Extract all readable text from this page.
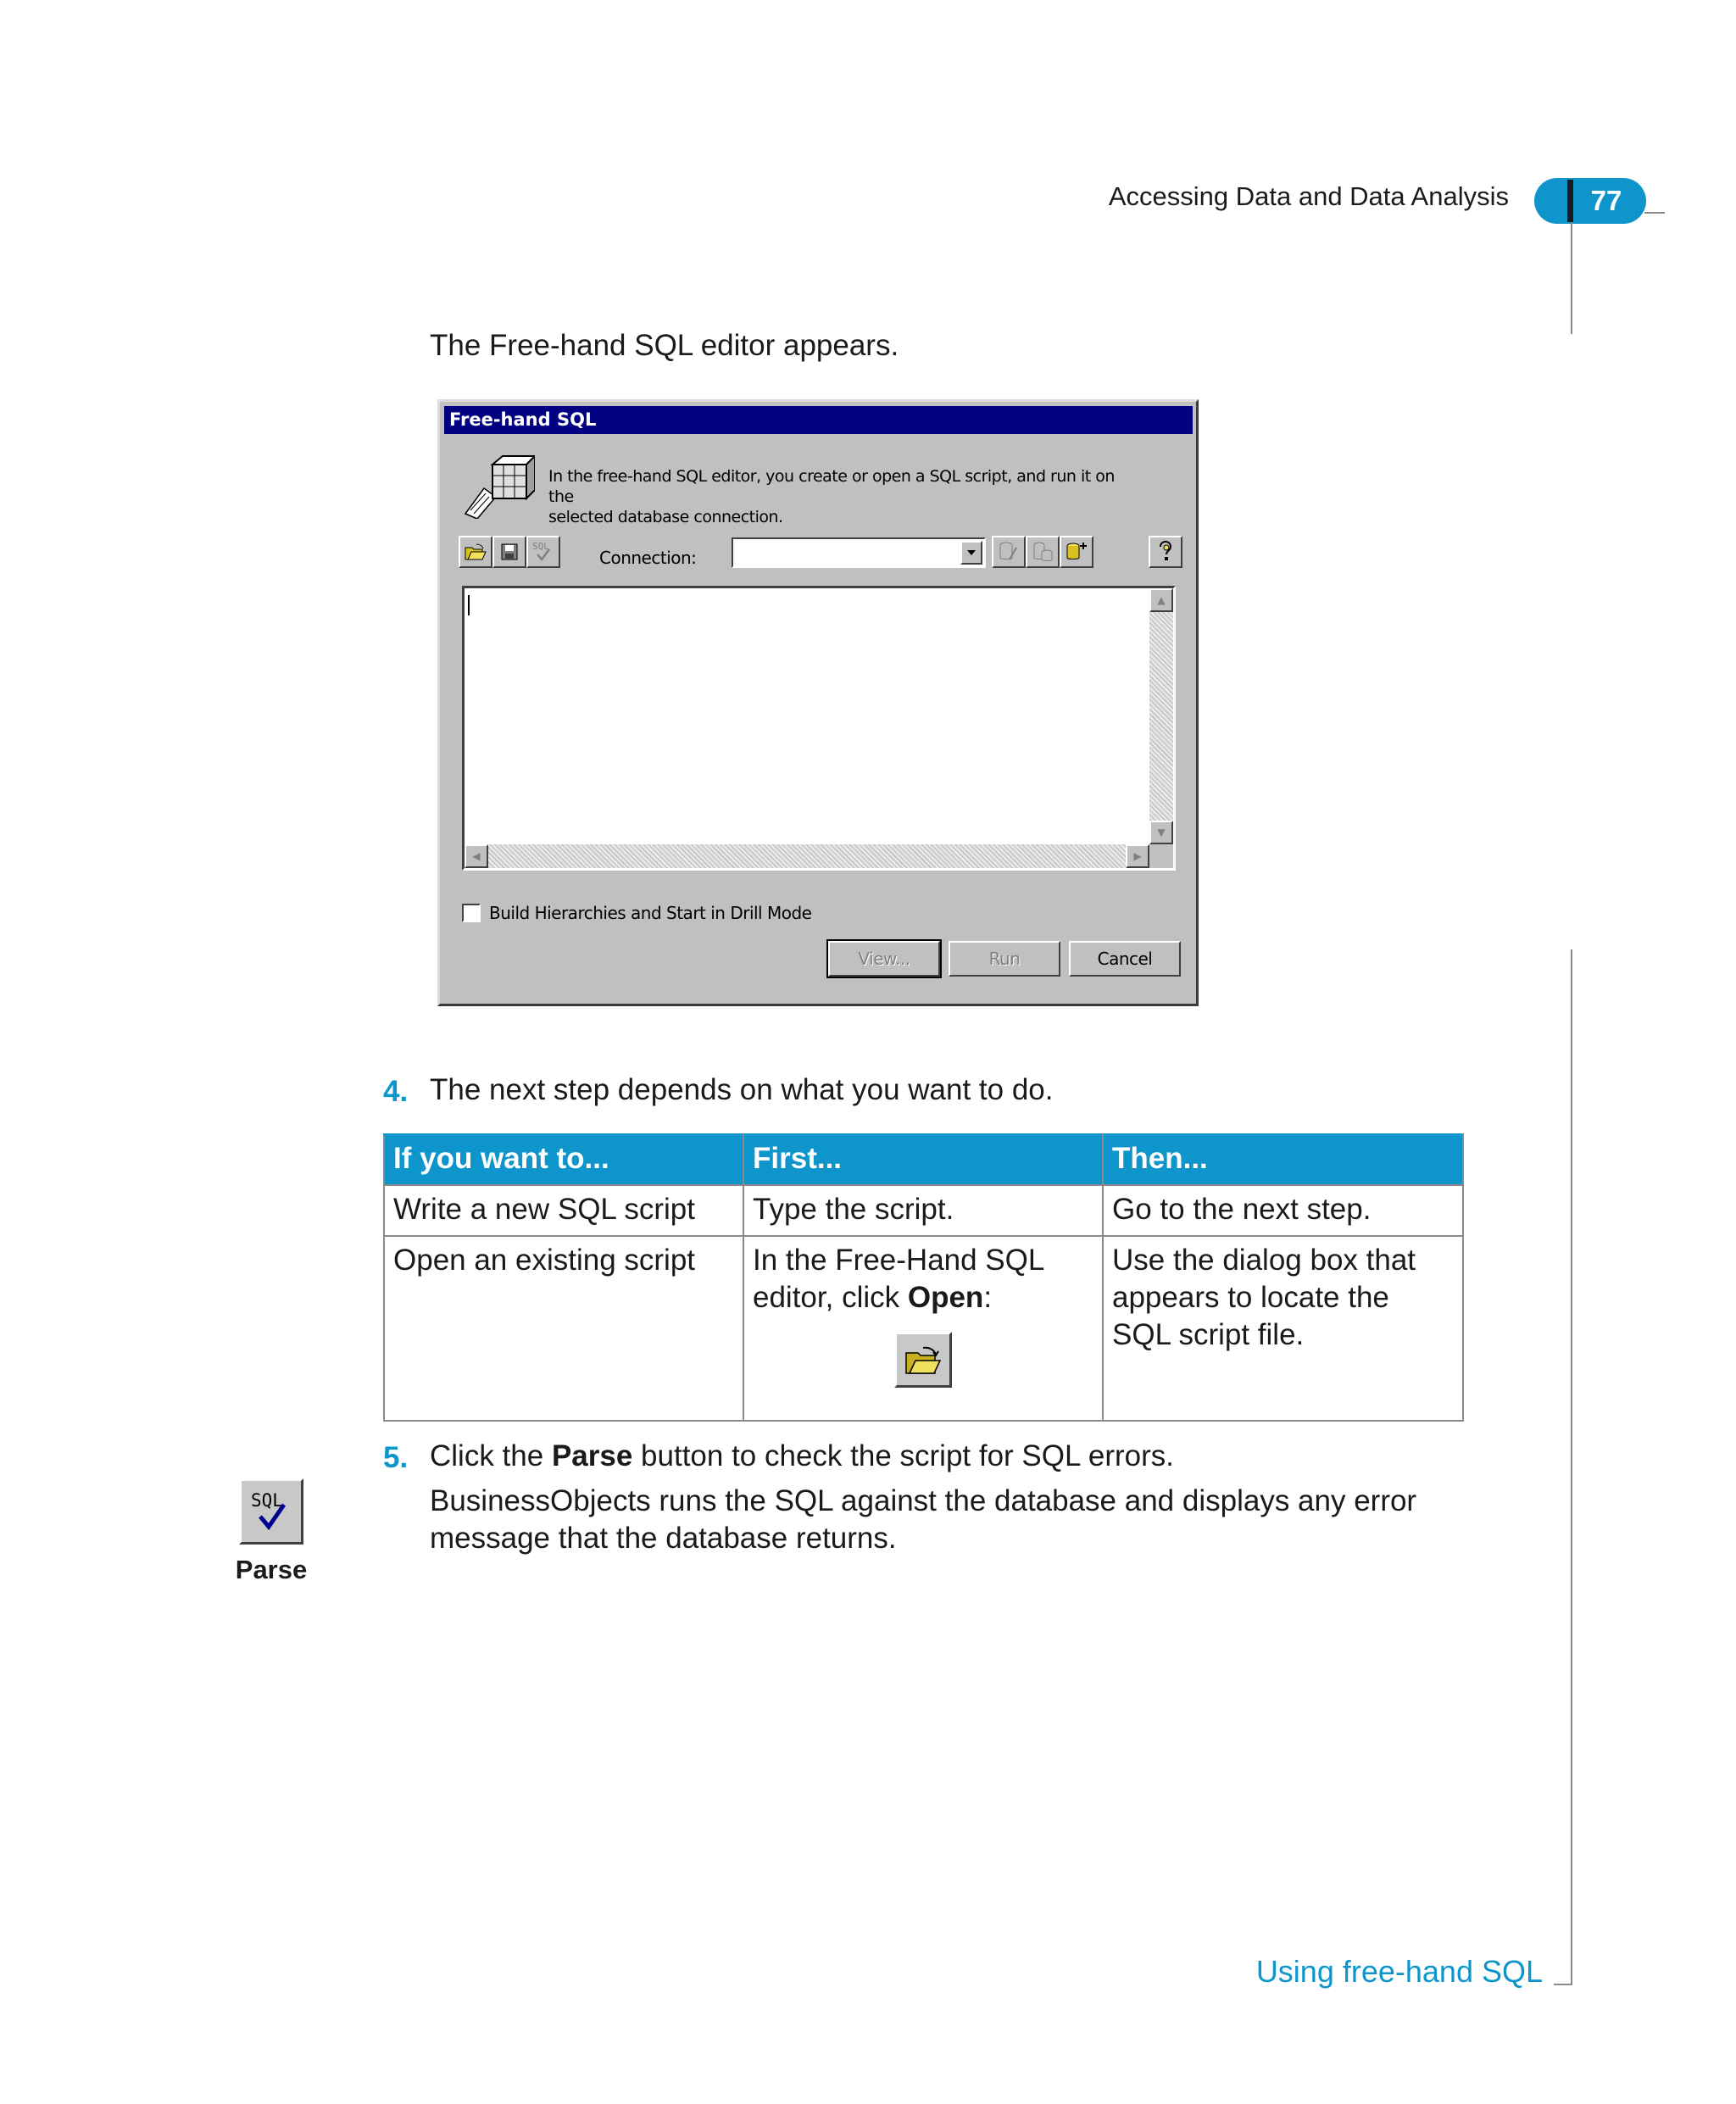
Accessing Data and Data Analysis	77
The Free-hand SQL editor appears.
Free-hand SQL
In the free-hand SQL editor, you create or open a SQL script, and run it on the
selected database connection.
SQL
Connection:
▲
▼
◀	▶
Build Hierarchies and Start in Drill Mode
View...	Run	Cancel
4. The next step depends on what you want to do.
If you want to...	First...	Then...
Write a new SQL script	Type the script.	Go to the next step.
Open an existing script	In the Free-Hand SQL editor, click Open:	Use the dialog box that appears to locate the SQL script file.
5. Click the Parse button to check the script for SQL errors.
BusinessObjects runs the SQL against the database and displays any error message that the database returns.
SQL
Parse
Using free-hand SQL
